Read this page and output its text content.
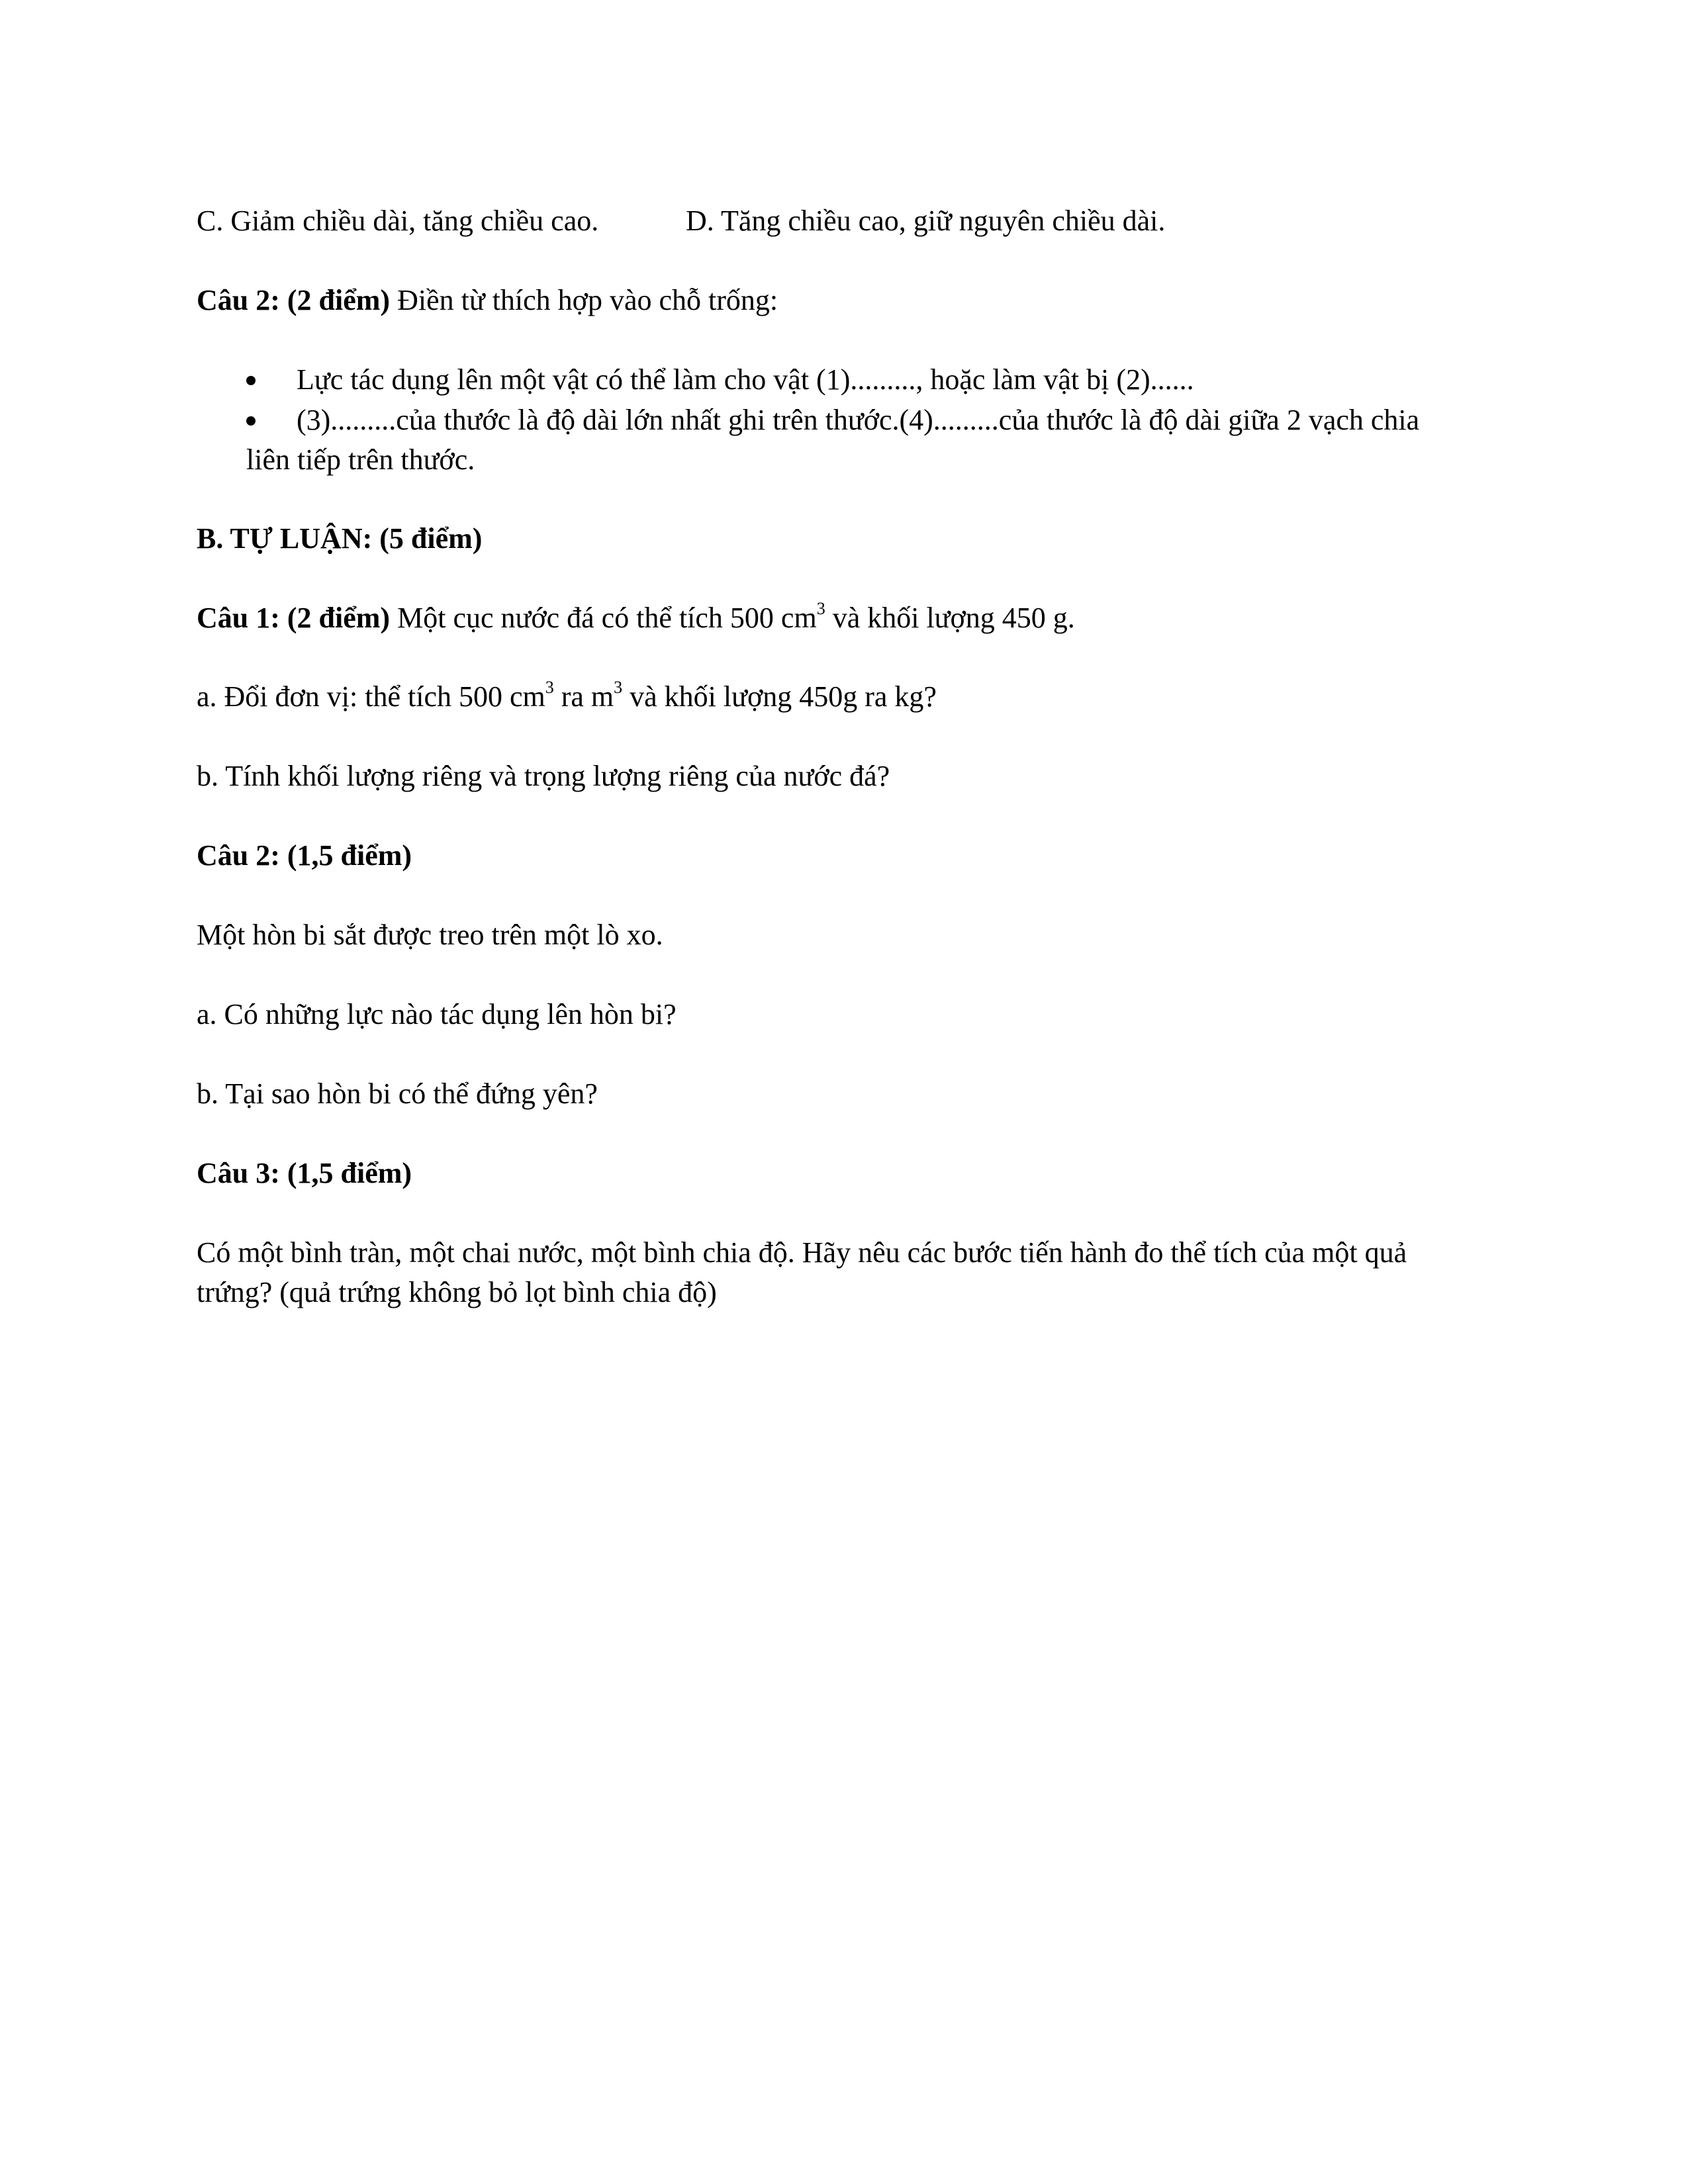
C. Giảm chiều dài, tăng chiều cao.	D. Tăng chiều cao, giữ nguyên chiều dài.
Câu 2: (2 điểm) Điền từ thích hợp vào chỗ trống:
Lực tác dụng lên một vật có thể làm cho vật (1)........., hoặc làm vật bị (2)......
(3).........của thước là độ dài lớn nhất ghi trên thước.(4).........của thước là độ dài giữa 2 vạch chia
liên tiếp trên thước.
B. TỰ LUẬN: (5 điểm)
Câu 1: (2 điểm) Một cục nước đá có thể tích 500 $cm^3$ và khối lượng 450 g.
a. Đổi đơn vị: thể tích 500 $cm^3$ ra $m^3$ và khối lượng 450g ra kg?
b. Tính khối lượng riêng và trọng lượng riêng của nước đá?
Câu 2: (1,5 điểm)
Một hòn bi sắt được treo trên một lò xo.
a. Có những lực nào tác dụng lên hòn bi?
b. Tại sao hòn bi có thể đứng yên?
Câu 3: (1,5 điểm)
Có một bình tràn, một chai nước, một bình chia độ. Hãy nêu các bước tiến hành đo thể tích của một quả
trứng? (quả trứng không bỏ lọt bình chia độ)
